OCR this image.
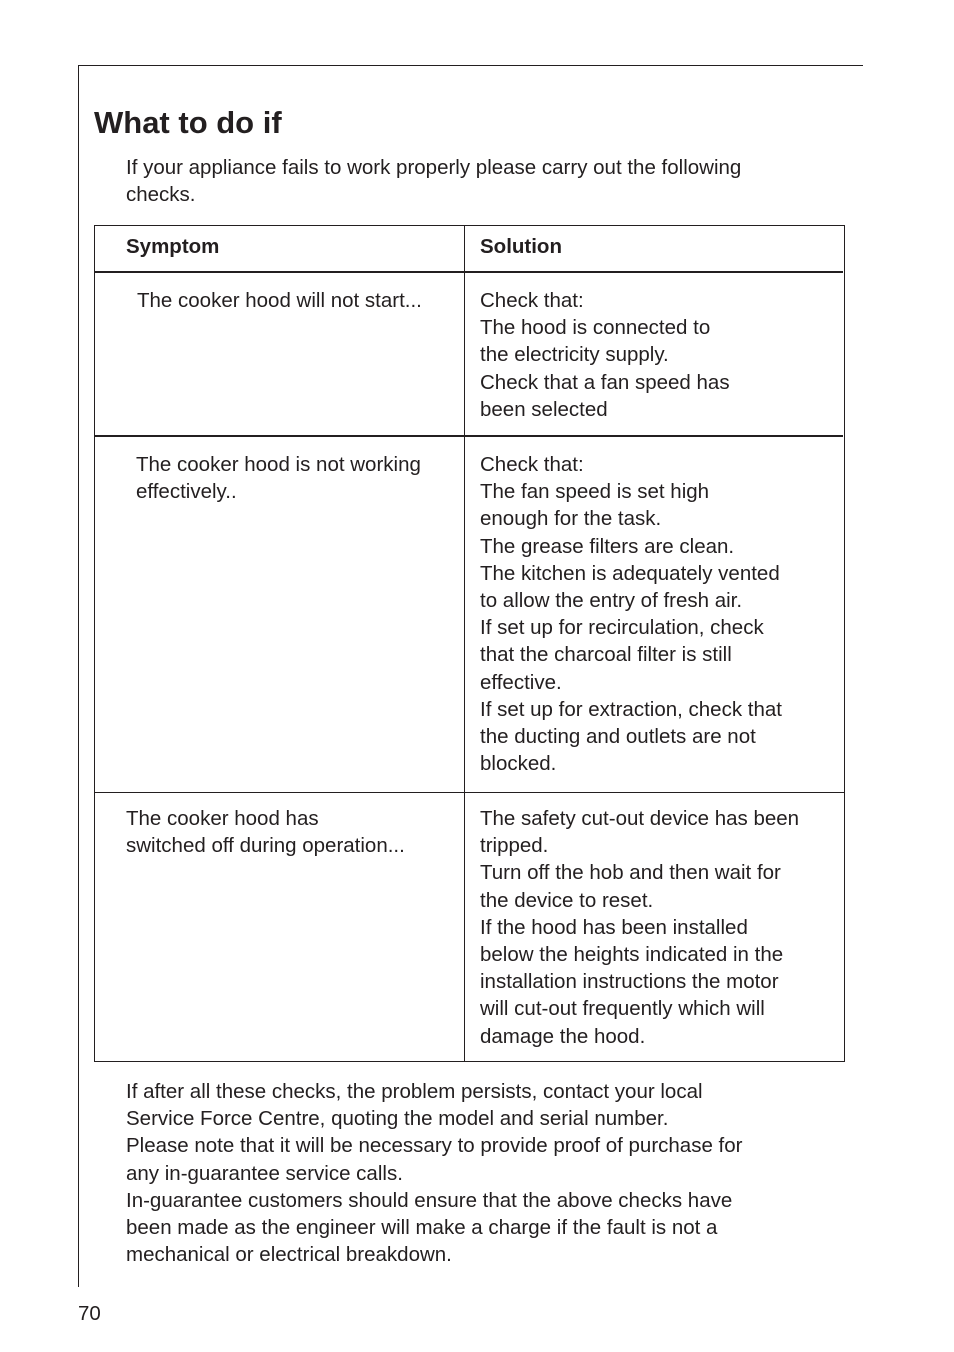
What to do if
If your appliance fails to work properly please carry out the following
checks.
Symptom	Solution
The cooker hood will not start...	Check that:
The hood is connected to
the electricity supply.
Check that a fan speed has
been selected
The cooker hood is not working
effectively..
Check that:
The fan speed is set high
enough for the task.
The grease filters are clean.
The kitchen is adequately vented
to allow the entry of fresh air.
If set up for recirculation, check
that the charcoal filter is still
effective.
If set up for extraction, check that
the ducting and outlets are not
blocked.
The cooker hood has
switched off during operation...
The safety cut-out device has been
tripped.
Turn off the hob and then wait for
the device to reset.
If the hood has been installed
below the heights indicated in the
installation instructions the motor
will cut-out frequently which will
damage the hood.
If after all these checks, the problem persists, contact your local
Service Force Centre, quoting the model and serial number.
Please note that it will be necessary to provide proof of purchase for
any in-guarantee service calls.
In-guarantee customers should ensure that the above checks have
been made as the engineer will make a charge if the fault is not a
mechanical or electrical breakdown.
70
